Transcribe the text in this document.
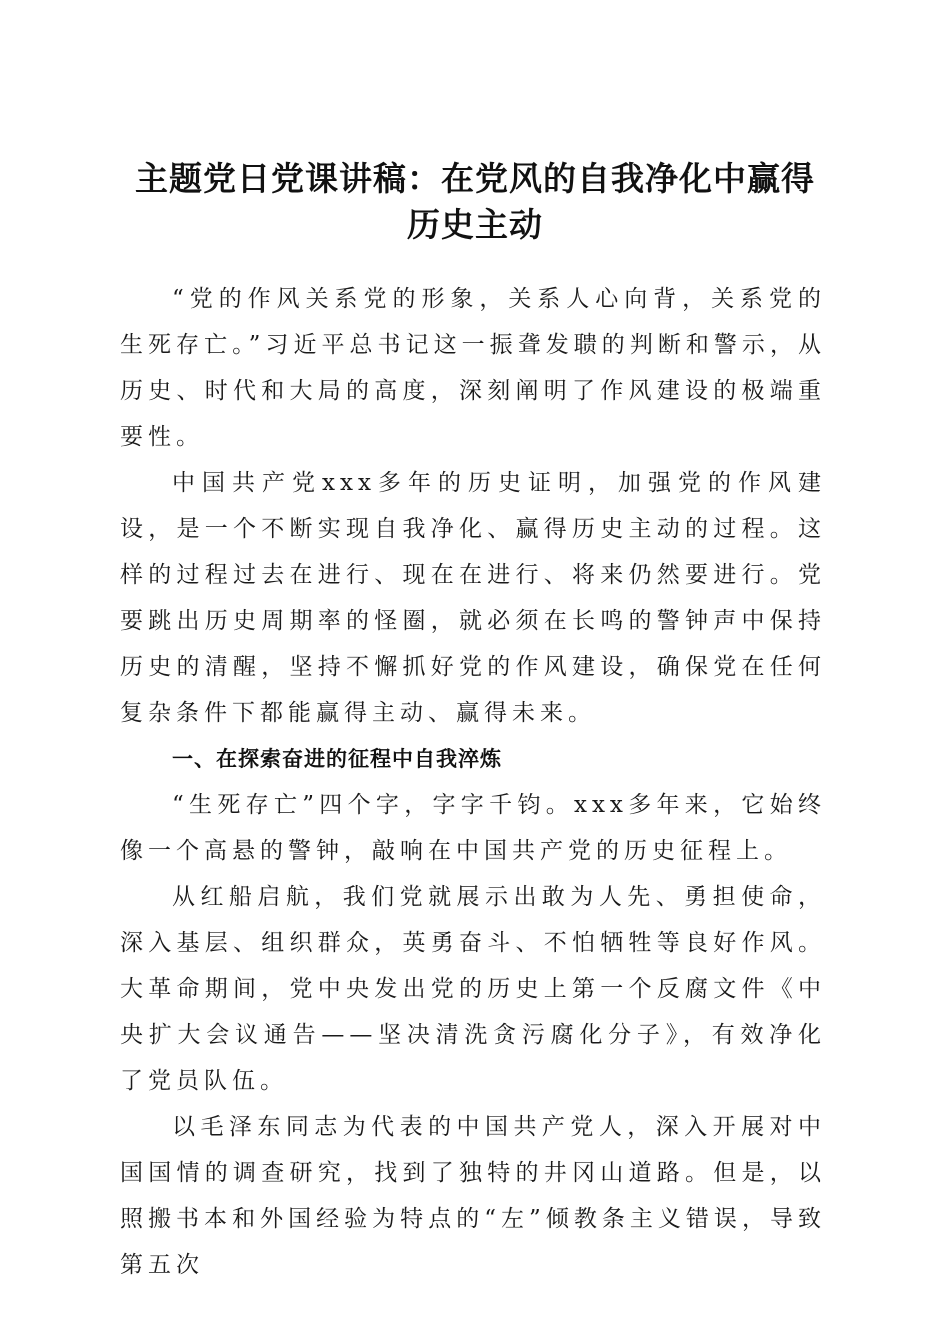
主题党日党课讲稿：在党风的自我净化中赢得
历史主动

“党的作风关系党的形象，关系人心向背，关系党的生死存亡。”习近平总书记这一振聋发聩的判断和警示，从历史、时代和大局的高度，深刻阐明了作风建设的极端重要性。

中国共产党xxx多年的历史证明，加强党的作风建设，是一个不断实现自我净化、赢得历史主动的过程。这样的过程过去在进行、现在在进行、将来仍然要进行。党要跳出历史周期率的怪圈，就必须在长鸣的警钟声中保持历史的清醒，坚持不懈抓好党的作风建设，确保党在任何复杂条件下都能赢得主动、赢得未来。

一、在探索奋进的征程中自我淬炼

“生死存亡”四个字，字字千钧。xxx多年来，它始终像一个高悬的警钟，敲响在中国共产党的历史征程上。

从红船启航，我们党就展示出敢为人先、勇担使命，深入基层、组织群众，英勇奋斗、不怕牺牲等良好作风。大革命期间，党中央发出党的历史上第一个反腐文件《中央扩大会议通告——坚决清洗贪污腐化分子》，有效净化了党员队伍。

以毛泽东同志为代表的中国共产党人，深入开展对中国国情的调查研究，找到了独特的井冈山道路。但是，以照搬书本和外国经验为特点的“左”倾教条主义错误，导致第五次
